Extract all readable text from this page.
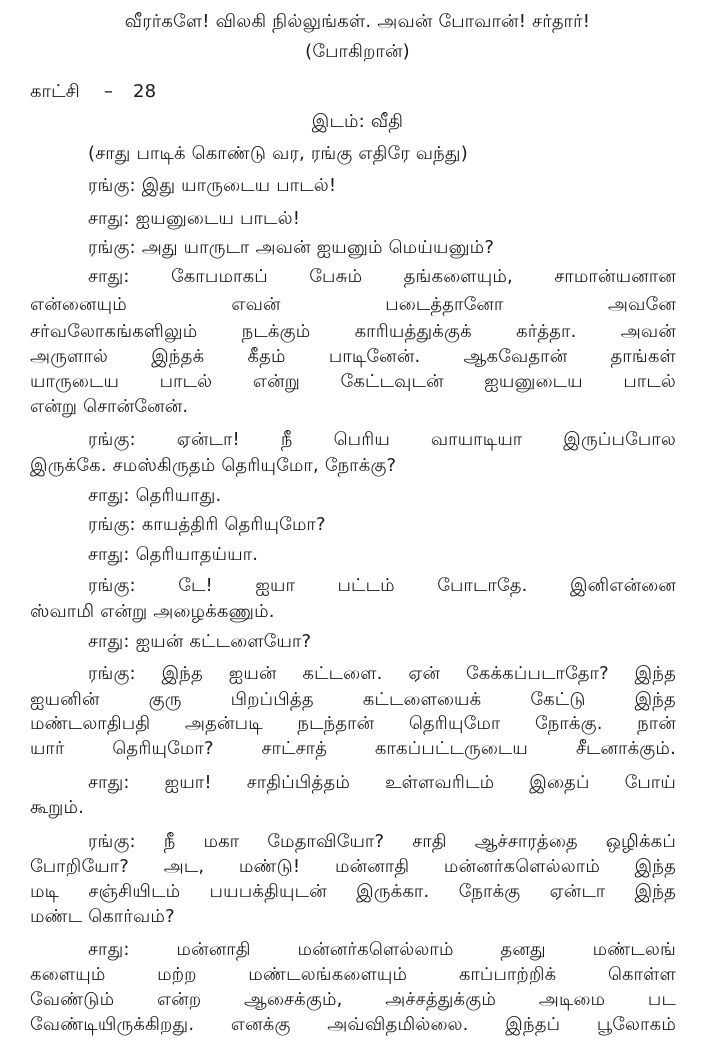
வீரர்களே! விலகி நில்லுங்கள். அவன் போவான்! சர்தார்!
(போகிறான்)
காட்சி – 28
இடம்: வீதி
(சாது பாடிக் கொண்டு வர, ரங்கு எதிரே வந்து)
ரங்கு: இது யாருடைய பாடல்!
சாது: ஐயனுடைய பாடல்!
ரங்கு: அது யாருடா அவன் ஐயனும் மெய்யனும்?
சாது: கோபமாகப் பேசும் தங்களையும், சாமான்யனான
என்னையும் எவன் படைத்தானோ அவனே
சர்வலோகங்களிலும் நடக்கும் காரியத்துக்குக் கர்த்தா. அவன்
அருளால் இந்தக் கீதம் பாடினேன். ஆகவேதான் தாங்கள்
யாருடைய பாடல் என்று கேட்டவுடன் ஐயனுடைய பாடல்
என்று சொன்னேன்.
ரங்கு: ஏன்டா! நீ பெரிய வாயாடியா இருப்பபோல
இருக்கே. சமஸ்கிருதம் தெரியுமோ, நோக்கு?
சாது: தெரியாது.
ரங்கு: காயத்திரி தெரியுமோ?
சாது: தெரியாதய்யா.
ரங்கு: டே! ஐயா பட்டம் போடாதே. இனிஎன்னை
ஸ்வாமி என்று அழைக்கணும்.
சாது: ஐயன் கட்டளையோ?
ரங்கு: இந்த ஐயன் கட்டளை. ஏன் கேக்கப்படாதோ? இந்த
ஐயனின் குரு பிறப்பித்த கட்டளையைக் கேட்டு இந்த
மண்டலாதிபதி அதன்படி நடந்தான் தெரியுமோ நோக்கு. நான்
யார் தெரியுமோ? சாட்சாத் காகப்பட்டருடைய சீடனாக்கும்.
சாது: ஐயா! சாதிப்பித்தம் உள்ளவரிடம் இதைப் போய்
கூறும்.
ரங்கு: நீ மகா மேதாவியோ? சாதி ஆச்சாரத்தை ஒழிக்கப்
போறியோ? அட, மண்டு! மன்னாதி மன்னர்களெல்லாம் இந்த
மடி சஞ்சியிடம் பயபக்தியுடன் இருக்கா. நோக்கு ஏன்டா இந்த
மண்ட கொர்வம்?
சாது: மன்னாதி மன்னர்களெல்லாம் தனது மண்டலங்
களையும் மற்ற மண்டலங்களையும் காப்பாற்றிக் கொள்ள
வேண்டும் என்ற ஆசைக்கும், அச்சத்துக்கும் அடிமை பட
வேண்டியிருக்கிறது. எனக்கு அவ்விதமில்லை. இந்தப் பூலோகம்
